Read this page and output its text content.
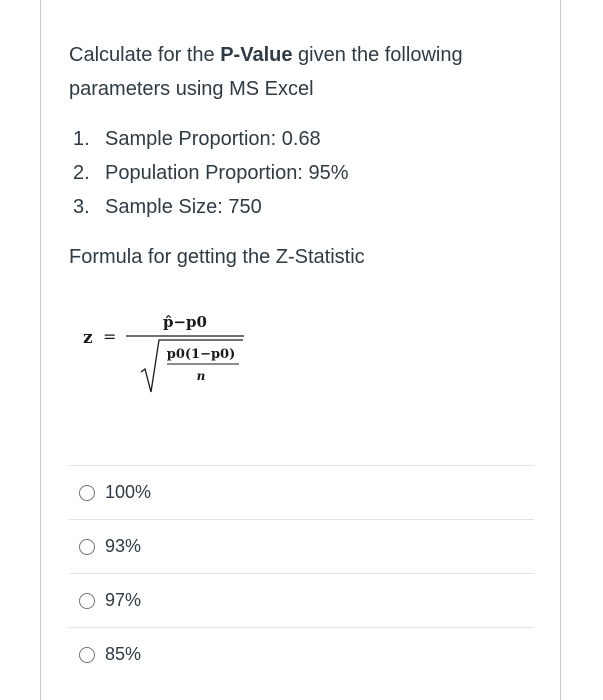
Calculate for the P-Value given the following parameters using MS Excel
1. Sample Proportion: 0.68
2. Population Proportion: 95%
3. Sample Size: 750
Formula for getting the Z-Statistic
z =
p̂−p0
p0(1−p0)
n
100%
93%
97%
85%
